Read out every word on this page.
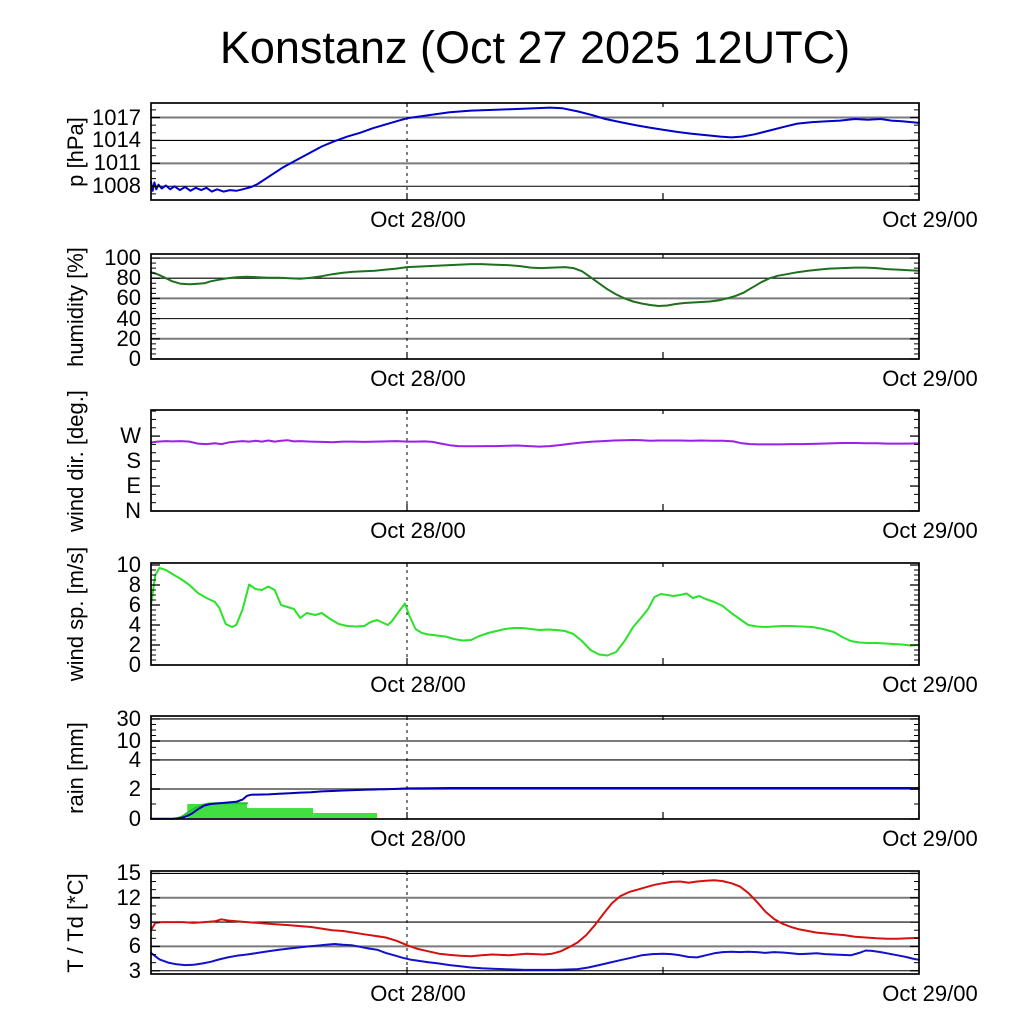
Konstanz (Oct 27 2025 12UTC)
1017
1014
1011
1008
p [hPa]
Oct 28/00	Oct 29/00
100
80
60
40
20
0
humidity [%]
Oct 28/00	Oct 29/00
W
S
E
N
wind dir. [deg.]	Oct 28/00	Oct 29/00
10
8
6
4
2
0
wind sp. [m/s]
Oct 28/00	Oct 29/00
30
10
4
2
0
rain [mm]
Oct 28/00	Oct 29/00
15
12
9
6
3
T / Td [*C]
Oct 28/00	Oct 29/00
